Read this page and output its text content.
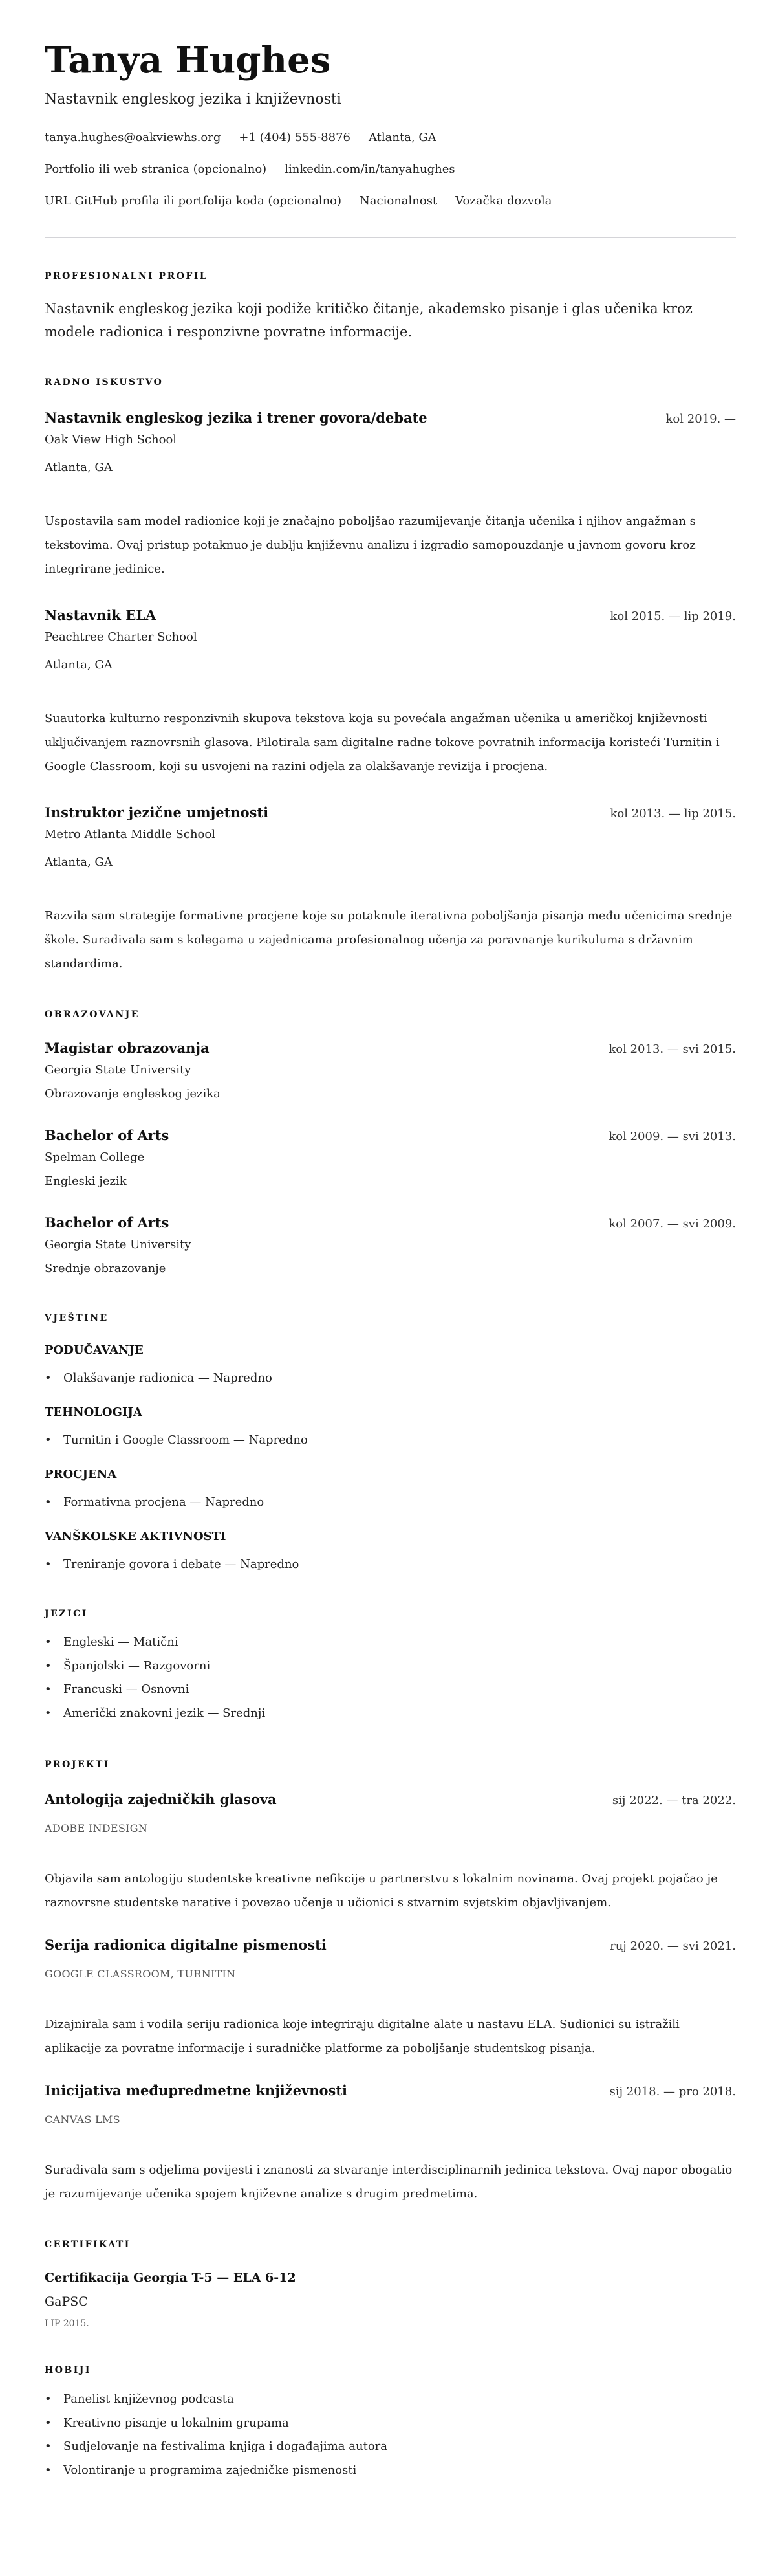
Tanya Hughes
Nastavnik engleskog jezika i književnosti
tanya.hughes@oakviewhs.org +1 (404) 555-8876 Atlanta, GA
Portfolio ili web stranica (opcionalno) linkedin.com/in/tanyahughes
URL GitHub profila ili portfolija koda (opcionalno) Nacionalnost Vozačka dozvola
PROFESIONALNI PROFIL
Nastavnik engleskog jezika koji podiže kritičko čitanje, akademsko pisanje i glas učenika kroz modele radionica i responzivne povratne informacije.
RADNO ISKUSTVO
Nastavnik engleskog jezika i trener govora/debate	kol 2019. —
Oak View High School
Atlanta, GA
Uspostavila sam model radionice koji je značajno poboljšao razumijevanje čitanja učenika i njihov angažman s tekstovima. Ovaj pristup potaknuo je dublju književnu analizu i izgradio samopouzdanje u javnom govoru kroz integrirane jedinice.
Nastavnik ELA	kol 2015. — lip 2019.
Peachtree Charter School
Atlanta, GA
Suautorka kulturno responzivnih skupova tekstova koja su povećala angažman učenika u američkoj književnosti uključivanjem raznovrsnih glasova. Pilotirala sam digitalne radne tokove povratnih informacija koristeći Turnitin i Google Classroom, koji su usvojeni na razini odjela za olakšavanje revizija i procjena.
Instruktor jezične umjetnosti	kol 2013. — lip 2015.
Metro Atlanta Middle School
Atlanta, GA
Razvila sam strategije formativne procjene koje su potaknule iterativna poboljšanja pisanja među učenicima srednje škole. Suradivala sam s kolegama u zajednicama profesionalnog učenja za poravnanje kurikuluma s državnim standardima.
OBRAZOVANJE
Magistar obrazovanja	kol 2013. — svi 2015.
Georgia State University
Obrazovanje engleskog jezika
Bachelor of Arts	kol 2009. — svi 2013.
Spelman College
Engleski jezik
Bachelor of Arts	kol 2007. — svi 2009.
Georgia State University
Srednje obrazovanje
VJEŠTINE
PODUČAVANJE
• Olakšavanje radionica — Napredno
TEHNOLOGIJA
• Turnitin i Google Classroom — Napredno
PROCJENA
• Formativna procjena — Napredno
VANŠKOLSKE AKTIVNOSTI
• Treniranje govora i debate — Napredno
JEZICI
• Engleski — Matični
• Španjolski — Razgovorni
• Francuski — Osnovni
• Američki znakovni jezik — Srednji
PROJEKTI
Antologija zajedničkih glasova	sij 2022. — tra 2022.
ADOBE INDESIGN
Objavila sam antologiju studentske kreativne nefikcije u partnerstvu s lokalnim novinama. Ovaj projekt pojačao je raznovrsne studentske narative i povezao učenje u učionici s stvarnim svjetskim objavljivanjem.
Serija radionica digitalne pismenosti	ruj 2020. — svi 2021.
GOOGLE CLASSROOM, TURNITIN
Dizajnirala sam i vodila seriju radionica koje integriraju digitalne alate u nastavu ELA. Sudionici su istražili aplikacije za povratne informacije i suradničke platforme za poboljšanje studentskog pisanja.
Inicijativa međupredmetne književnosti	sij 2018. — pro 2018.
CANVAS LMS
Suradivala sam s odjelima povijesti i znanosti za stvaranje interdisciplinarnih jedinica tekstova. Ovaj napor obogatio je razumijevanje učenika spojem književne analize s drugim predmetima.
CERTIFIKATI
Certifikacija Georgia T-5 — ELA 6-12
GaPSC
LIP 2015.
HOBIJI
• Panelist književnog podcasta
• Kreativno pisanje u lokalnim grupama
• Sudjelovanje na festivalima knjiga i događajima autora
• Volontiranje u programima zajedničke pismenosti
